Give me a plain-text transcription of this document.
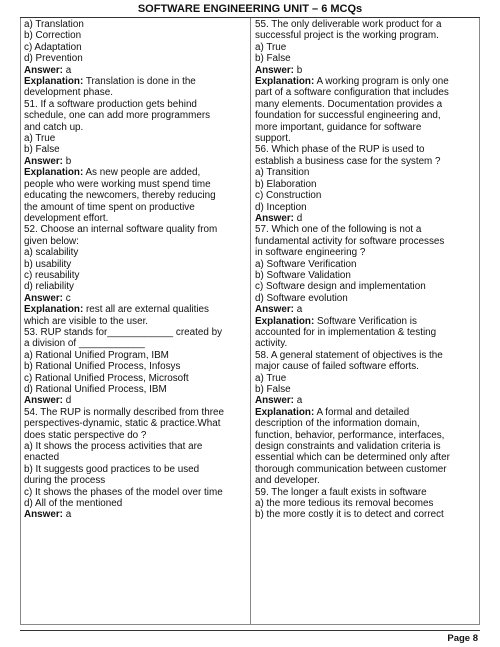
SOFTWARE ENGINEERING UNIT – 6 MCQs
a) Translation
b) Correction
c) Adaptation
d) Prevention
Answer: a
Explanation: Translation is done in the
development phase.
51. If a software production gets behind
schedule, one can add more programmers
and catch up.
a) True
b) False
Answer: b
Explanation: As new people are added,
people who were working must spend time
educating the newcomers, thereby reducing
the amount of time spent on productive
development effort.
52. Choose an internal software quality from
given below:
a) scalability
b) usability
c) reusability
d) reliability
Answer: c
Explanation: rest all are external qualities
which are visible to the user.
53. RUP stands for____________ created by
a division of ____________
a) Rational Unified Program, IBM
b) Rational Unified Process, Infosys
c) Rational Unified Process, Microsoft
d) Rational Unified Process, IBM
Answer: d
54. The RUP is normally described from three
perspectives-dynamic, static & practice.What
does static perspective do ?
a) It shows the process activities that are
enacted
b) It suggests good practices to be used
during the process
c) It shows the phases of the model over time
d) All of the mentioned
Answer: a
55. The only deliverable work product for a
successful project is the working program.
a) True
b) False
Answer: b
Explanation: A working program is only one
part of a software configuration that includes
many elements. Documentation provides a
foundation for successful engineering and,
more important, guidance for software
support.
56. Which phase of the RUP is used to
establish a business case for the system ?
a) Transition
b) Elaboration
c) Construction
d) Inception
Answer: d
57. Which one of the following is not a
fundamental activity for software processes
in software engineering ?
a) Software Verification
b) Software Validation
c) Software design and implementation
d) Software evolution
Answer: a
Explanation: Software Verification is
accounted for in implementation & testing
activity.
58. A general statement of objectives is the
major cause of failed software efforts.
a) True
b) False
Answer: a
Explanation: A formal and detailed
description of the information domain,
function, behavior, performance, interfaces,
design constraints and validation criteria is
essential which can be determined only after
thorough communication between customer
and developer.
59. The longer a fault exists in software
a) the more tedious its removal becomes
b) the more costly it is to detect and correct
Page 8
